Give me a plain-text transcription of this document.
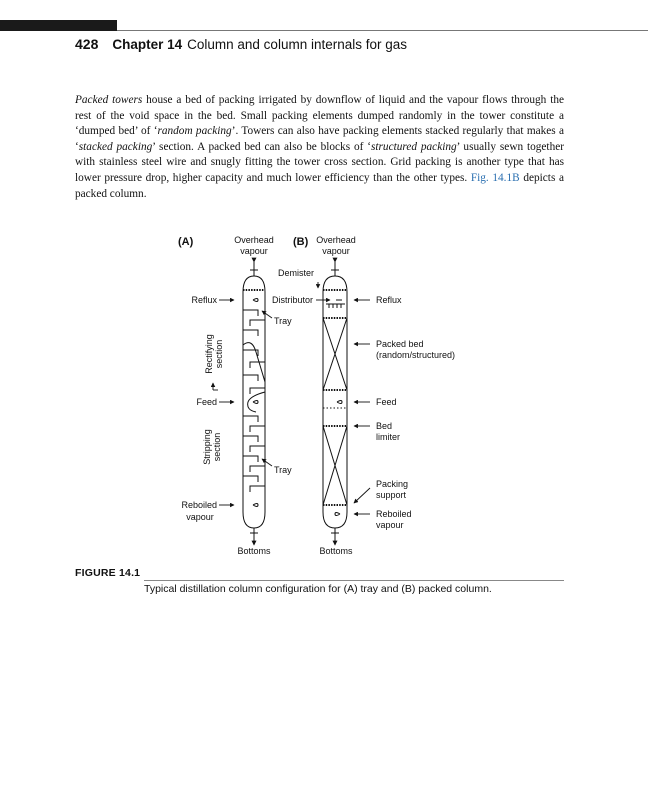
428 Chapter 14 Column and column internals for gas
Packed towers house a bed of packing irrigated by downflow of liquid and the vapour flows through the rest of the void space in the bed. Small packing elements dumped randomly in the tower constitute a ‘dumped bed’ of ‘random packing’. Towers can also have packing elements stacked regularly that makes a ‘stacked packing’ section. A packed bed can also be blocks of ‘structured packing’ usually sewn together with stainless steel wire and snugly fitting the tower cross section. Grid packing is another type that has lower pressure drop, higher capacity and much lower efficiency than the other types. Fig. 14.1B depicts a packed column.
(A)	(B)
Overhead
vapour
Overhead
vapour
Demister
Reflux	Distributor	Reflux
Tray
Rectifying section	Packed bed
(random/structured)
Feed	Feed
Bed
limiter
Stripping section
Tray
Packing
support
Reboiled
vapour	Reboiled
vapour
Bottoms	Bottoms
FIGURE 14.1
Typical distillation column configuration for (A) tray and (B) packed column.
